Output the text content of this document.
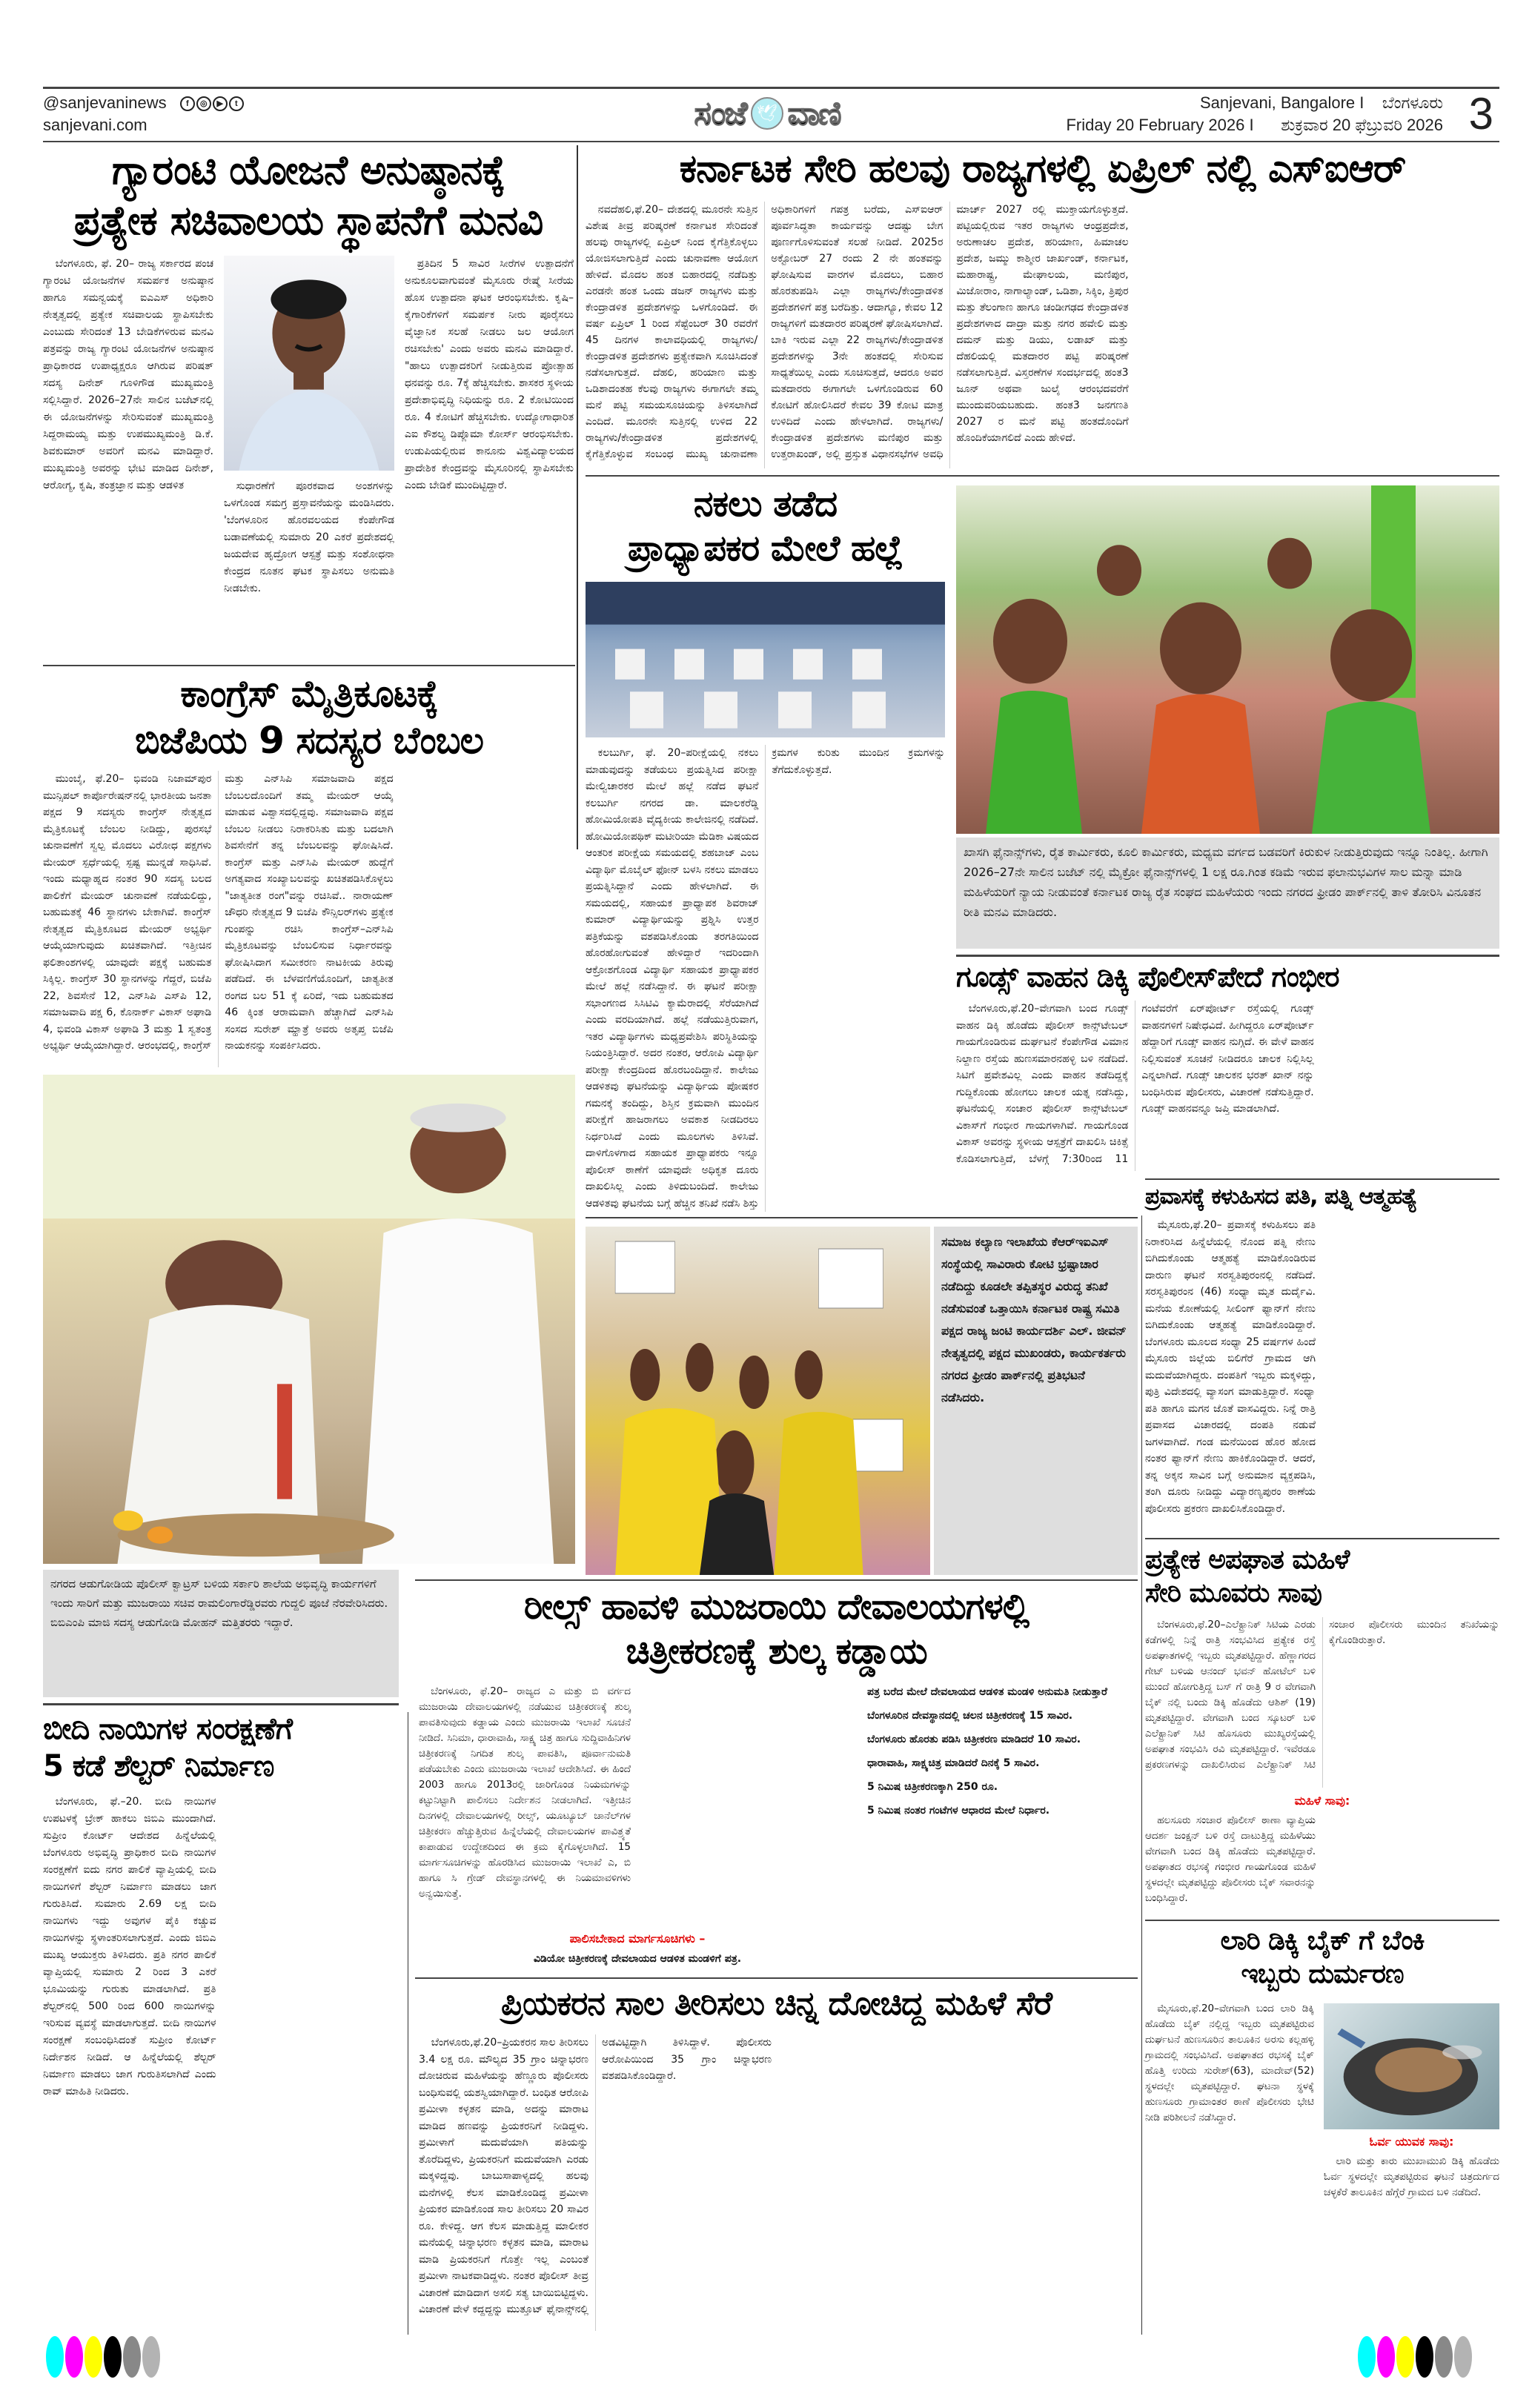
@sanjevaninews	f	◎	▶	t
sanjevani.com	ಸಂಜೆ 🕊 ವಾಣಿ	Sanjevani, Bangalore I ಬೆಂಗಳೂರು
Friday 20 February 2026 I ಶುಕ್ರವಾರ 20 ಫೆಬ್ರುವರಿ 2026 3
ಗ್ಯಾರಂಟಿ ಯೋಜನೆ ಅನುಷ್ಠಾನಕ್ಕೆ
ಪ್ರತ್ಯೇಕ ಸಚಿವಾಲಯ ಸ್ಥಾಪನೆಗೆ ಮನವಿ

ಬೆಂಗಳೂರು, ಫೆ. 20– ರಾಜ್ಯ ಸರ್ಕಾರದ ಪಂಚ ಗ್ಯಾರಂಟಿ ಯೋಜನೆಗಳ ಸಮರ್ಪಕ ಅನುಷ್ಠಾನ ಹಾಗೂ ಸಮನ್ವಯಕ್ಕೆ ಐಎಎಸ್ ಅಧಿಕಾರಿ ನೇತೃತ್ವದಲ್ಲಿ ಪ್ರತ್ಯೇಕ ಸಚಿವಾಲಯ ಸ್ಥಾಪಿಸಬೇಕು ಎಂಬುದು ಸೇರಿದಂತೆ 13 ಬೇಡಿಕೆಗಳಿರುವ ಮನವಿ ಪತ್ರವನ್ನು ರಾಜ್ಯ ಗ್ಯಾರಂಟಿ ಯೋಜನೆಗಳ ಅನುಷ್ಠಾನ ಪ್ರಾಧಿಕಾರದ ಉಪಾಧ್ಯಕ್ಷರೂ ಆಗಿರುವ ಪರಿಷತ್ ಸದಸ್ಯ ದಿನೇಶ್ ಗೂಳಿಗೌಡ ಮುಖ್ಯಮಂತ್ರಿ ಸಲ್ಲಿಸಿದ್ದಾರೆ. 2026–27ನೇ ಸಾಲಿನ ಬಜೆಟ್‌ನಲ್ಲಿ ಈ ಯೋಜನೆಗಳನ್ನು ಸೇರಿಸುವಂತೆ ಮುಖ್ಯಮಂತ್ರಿ ಸಿದ್ದರಾಮಯ್ಯ ಮತ್ತು ಉಪಮುಖ್ಯಮಂತ್ರಿ ಡಿ.ಕೆ. ಶಿವಕುಮಾರ್ ಅವರಿಗೆ ಮನವಿ ಮಾಡಿದ್ದಾರೆ. ಮುಖ್ಯಮಂತ್ರಿ ಅವರನ್ನು ಭೇಟಿ ಮಾಡಿದ ದಿನೇಶ್, ಆರೋಗ್ಯ, ಕೃಷಿ, ತಂತ್ರಜ್ಞಾನ ಮತ್ತು ಆಡಳಿತ	ಸುಧಾರಣೆಗೆ ಪೂರಕವಾದ ಅಂಶಗಳನ್ನು ಒಳಗೊಂಡ ಸಮಗ್ರ ಪ್ರಸ್ತಾವನೆಯನ್ನು ಮಂಡಿಸಿದರು. 'ಬೆಂಗಳೂರಿನ ಹೊರವಲಯದ ಕೆಂಪೇಗೌಡ ಬಡಾವಣೆಯಲ್ಲಿ ಸುಮಾರು 20 ಎಕರೆ ಪ್ರದೇಶದಲ್ಲಿ ಜಯದೇವ ಹೃದ್ರೋಗ ಆಸ್ಪತ್ರೆ ಮತ್ತು ಸಂಶೋಧನಾ ಕೇಂದ್ರದ ನೂತನ ಘಟಕ ಸ್ಥಾಪಿಸಲು ಅನುಮತಿ ನೀಡಬೇಕು.

ಪ್ರತಿದಿನ 5 ಸಾವಿರ ಸೀರೆಗಳ ಉತ್ಪಾದನೆಗೆ ಅನುಕೂಲವಾಗುವಂತೆ ಮೈಸೂರು ರೇಷ್ಮೆ ಸೀರೆಯ ಹೊಸ ಉತ್ಪಾದನಾ ಘಟಕ ಆರಂಭಿಸಬೇಕು. ಕೃಷಿ–ಕೈಗಾರಿಕೆಗಳಿಗೆ ಸಮರ್ಪಕ ನೀರು ಪೂರೈಸಲು ವೈಜ್ಞಾನಿಕ ಸಲಹೆ ನೀಡಲು ಜಲ ಆಯೋಗ ರಚಿಸಬೇಕು' ಎಂದು ಅವರು ಮನವಿ ಮಾಡಿದ್ದಾರೆ. "ಹಾಲು ಉತ್ಪಾದಕರಿಗೆ ನೀಡುತ್ತಿರುವ ಪ್ರೋತ್ಸಾಹ ಧನವನ್ನು ರೂ. 7ಕ್ಕೆ ಹೆಚ್ಚಿಸಬೇಕು. ಶಾಸಕರ ಸ್ಥಳೀಯ ಪ್ರದೇಶಾಭಿವೃದ್ಧಿ ನಿಧಿಯನ್ನು ರೂ. 2 ಕೋಟಿಯಿಂದ ರೂ. 4 ಕೋಟಿಗೆ ಹೆಚ್ಚಿಸಬೇಕು. ಉದ್ಯೋಗಾಧಾರಿತ ಎಐ ಕೌಶಲ್ಯ ಡಿಪ್ಲೊಮಾ ಕೋರ್ಸ್ ಆರಂಭಿಸಬೇಕು. ಉಡುಪಿಯಲ್ಲಿರುವ ಕಾನೂನು ವಿಶ್ವವಿದ್ಯಾಲಯದ ಪ್ರಾದೇಶಿಕ ಕೇಂದ್ರವನ್ನು ಮೈಸೂರಿನಲ್ಲಿ ಸ್ಥಾಪಿಸಬೇಕು ಎಂದು ಬೇಡಿಕೆ ಮುಂದಿಟ್ಟಿದ್ದಾರೆ.

ಕರ್ನಾಟಕ ಸೇರಿ ಹಲವು ರಾಜ್ಯಗಳಲ್ಲಿ ಏಪ್ರಿಲ್ ನಲ್ಲಿ ಎಸ್‌ಐಆರ್

ನವದೆಹಲಿ,ಫೆ.20– ದೇಶದಲ್ಲಿ ಮೂರನೇ ಸುತ್ತಿನ ವಿಶೇಷ ತೀವ್ರ ಪರಿಷ್ಕರಣೆ ಕರ್ನಾಟಕ ಸೇರಿದಂತೆ ಹಲವು ರಾಜ್ಯಗಳಲ್ಲಿ ಏಪ್ರಿಲ್ ನಿಂದ ಕೈಗೆತ್ತಿಕೊಳ್ಳಲು ಯೋಜಿಸಲಾಗುತ್ತಿದೆ ಎಂದು ಚುನಾವಣಾ ಆಯೋಗ ಹೇಳಿದೆ. ಮೊದಲ ಹಂತ ಬಿಹಾರದಲ್ಲಿ ನಡೆದಿತ್ತು ಎರಡನೇ ಹಂತ ಒಂದು ಡಜನ್ ರಾಜ್ಯಗಳು ಮತ್ತು ಕೇಂದ್ರಾಡಳಿತ ಪ್ರದೇಶಗಳನ್ನು ಒಳಗೊಂಡಿದೆ. ಈ ವರ್ಷ ಏಪ್ರಿಲ್ 1 ರಿಂದ ಸೆಪ್ಟೆಂಬರ್ 30 ರವರೆಗೆ 45 ದಿನಗಳ ಕಾಲಾವಧಿಯಲ್ಲಿ ರಾಜ್ಯಗಳು/ಕೇಂದ್ರಾಡಳಿತ ಪ್ರದೇಶಗಳು ಪ್ರತ್ಯೇಕವಾಗಿ ಸೂಚಿಸಿದಂತೆ ನಡೆಸಲಾಗುತ್ತದೆ. ದೆಹಲಿ, ಹರಿಯಾಣ ಮತ್ತು ಒಡಿಶಾದಂತಹ ಕೆಲವು ರಾಜ್ಯಗಳು ಈಗಾಗಲೇ ತಮ್ಮ ಮನೆ ಪಟ್ಟಿ ಸಮಯಸೂಚಿಯನ್ನು ತಿಳಿಸಲಾಗಿದೆ ಎಂದಿದೆ. ಮೂರನೇ ಸುತ್ತಿನಲ್ಲಿ ಉಳಿದ 22 ರಾಜ್ಯಗಳು/ಕೇಂದ್ರಾಡಳಿತ ಪ್ರದೇಶಗಳಲ್ಲಿ ಕೈಗೆತ್ತಿಕೊಳ್ಳುವ ಸಂಬಂಧ ಮುಖ್ಯ ಚುನಾವಣಾ ಅಧಿಕಾರಿಗಳಿಗೆ ಗಪತ್ರ ಬರೆದು, ಎಸ್‌ಐಆರ್ ಪೂರ್ವಸಿದ್ಧತಾ ಕಾರ್ಯವನ್ನು ಆದಷ್ಟು ಬೇಗ ಪೂರ್ಣಗೊಳಿಸುವಂತೆ ಸಲಹೆ ನೀಡಿದೆ. 2025ರ ಅಕ್ಟೋಬರ್ 27 ರಂದು 2 ನೇ ಹಂತವನ್ನು ಘೋಷಿಸುವ ವಾರಗಳ ಮೊದಲು, ಬಿಹಾರ ಹೊರತುಪಡಿಸಿ ಎಲ್ಲಾ ರಾಜ್ಯಗಳು/ಕೇಂದ್ರಾಡಳಿತ ಪ್ರದೇಶಗಳಿಗೆ ಪತ್ರ ಬರೆದಿತ್ತು. ಆದಾಗ್ಯೂ, ಕೇವಲ 12 ರಾಜ್ಯಗಳಿಗೆ ಮತದಾರರ ಪರಿಷ್ಕರಣೆ ಘೋಷಿಸಲಾಗಿದೆ. ಬಾಕಿ ಇರುವ ಎಲ್ಲಾ 22 ರಾಜ್ಯಗಳು/ಕೇಂದ್ರಾಡಳಿತ ಪ್ರದೇಶಗಳನ್ನು 3ನೇ ಹಂತದಲ್ಲಿ ಸೇರಿಸುವ ಸಾಧ್ಯತೆಯಿಲ್ಲ ಎಂದು ಸೂಚಿಸುತ್ತದೆ, ಆದರೂ ಅವರ ಮತದಾರರು ಈಗಾಗಲೇ ಒಳಗೊಂಡಿರುವ 60 ಕೋಟಿಗೆ ಹೋಲಿಸಿದರೆ ಕೇವಲ 39 ಕೋಟಿ ಮಾತ್ರ ಉಳಿದಿದೆ ಎಂದು ಹೇಳಲಾಗಿದೆ. ರಾಜ್ಯಗಳು/ಕೇಂದ್ರಾಡಳಿತ ಪ್ರದೇಶಗಳು ಮಣಿಪುರ ಮತ್ತು ಉತ್ತರಾಖಂಡ್, ಅಲ್ಲಿ ಪ್ರಸ್ತುತ ವಿಧಾನಸಭೆಗಳ ಅವಧಿ ಮಾರ್ಚ್ 2027 ರಲ್ಲಿ ಮುಕ್ತಾಯಗೊಳ್ಳುತ್ತದೆ. ಪಟ್ಟಿಯಲ್ಲಿರುವ ಇತರ ರಾಜ್ಯಗಳು ಆಂಧ್ರಪ್ರದೇಶ, ಅರುಣಾಚಲ ಪ್ರದೇಶ, ಹರಿಯಾಣ, ಹಿಮಾಚಲ ಪ್ರದೇಶ, ಜಮ್ಮು ಕಾಶ್ಮೀರ ಜಾರ್ಖಂಡ್, ಕರ್ನಾಟಕ, ಮಹಾರಾಷ್ಟ್ರ, ಮೇಘಾಲಯ, ಮಣಿಪುರ, ಮಿಜೋರಾಂ, ನಾಗಾಲ್ಯಾಂಡ್, ಒಡಿಶಾ, ಸಿಕ್ಕಿಂ, ತ್ರಿಪುರ ಮತ್ತು ತೆಲಂಗಾಣ ಹಾಗೂ ಚಂಡೀಗಢದ ಕೇಂದ್ರಾಡಳಿತ ಪ್ರದೇಶಗಳಾದ ದಾದ್ರಾ ಮತ್ತು ನಗರ ಹವೇಲಿ ಮತ್ತು ದಮನ್ ಮತ್ತು ಡಿಯು, ಲಡಾಖ್ ಮತ್ತು ದೆಹಲಿಯಲ್ಲಿ ಮತದಾರರ ಪಟ್ಟಿ ಪರಿಷ್ಕರಣೆ ನಡೆಸಲಾಗುತ್ತಿದೆ. ವಿಸ್ತರಣೆಗಳ ಸಂದರ್ಭದಲ್ಲಿ ಹಂತ3 ಜೂನ್ ಅಥವಾ ಜುಲೈ ಆರಂಭದವರೆಗೆ ಮುಂದುವರಿಯಬಹುದು. ಹಂತ3 ಜನಗಣತಿ 2027 ರ ಮನೆ ಪಟ್ಟಿ ಹಂತದೊಂದಿಗೆ ಹೊಂದಿಕೆಯಾಗಲಿದೆ ಎಂದು ಹೇಳಿದೆ.

ಕಾಂಗ್ರೆಸ್ ಮೈತ್ರಿಕೂಟಕ್ಕೆ
ಬಿಜೆಪಿಯ 9 ಸದಸ್ಯರ ಬೆಂಬಲ

ಮುಂಬೈ, ಫೆ.20– ಭಿವಂಡಿ ನಿಜಾಮ್‌ಪುರ ಮುನ್ಸಿಪಲ್ ಕಾರ್ಪೊರೇಷನ್‌ನಲ್ಲಿ ಭಾರತೀಯ ಜನತಾ ಪಕ್ಷದ 9 ಸದಸ್ಯರು ಕಾಂಗ್ರೆಸ್ ನೇತೃತ್ವದ ಮೈತ್ರಿಕೂಟಕ್ಕೆ ಬೆಂಬಲ ನೀಡಿದ್ದು, ಪುರಸಭೆ ಚುನಾವಣೆಗೆ ಸ್ವಲ್ಪ ಮೊದಲು ವಿರೋಧ ಪಕ್ಷಗಳು ಮೇಯರ್ ಸ್ಪರ್ಧೆಯಲ್ಲಿ ಸ್ಪಷ್ಟ ಮುನ್ನಡೆ ಸಾಧಿಸಿವೆ. ಇಂದು ಮಧ್ಯಾಹ್ನದ ನಂತರ 90 ಸದಸ್ಯ ಬಲದ ಪಾಲಿಕೆಗೆ ಮೇಯರ್ ಚುನಾವಣೆ ನಡೆಯಲಿದ್ದು, ಬಹುಮತಕ್ಕೆ 46 ಸ್ಥಾನಗಳು ಬೇಕಾಗಿವೆ. ಕಾಂಗ್ರೆಸ್ ನೇತೃತ್ವದ ಮೈತ್ರಿಕೂಟದ ಮೇಯರ್ ಅಭ್ಯರ್ಥಿ ಆಯ್ಕೆಯಾಗುವುದು ಖಚಿತವಾಗಿದೆ. ಇತ್ತೀಚಿನ ಫಲಿತಾಂಶಗಳಲ್ಲಿ ಯಾವುದೇ ಪಕ್ಷಕ್ಕೆ ಬಹುಮತ ಸಿಕ್ಕಿಲ್ಲ. ಕಾಂಗ್ರೆಸ್ 30 ಸ್ಥಾನಗಳನ್ನು ಗೆದ್ದರೆ, ಬಿಜೆಪಿ 22, ಶಿವಸೇನೆ 12, ಎನ್‌ಸಿಪಿ ಎಸ್‌ಪಿ 12, ಸಮಾಜವಾದಿ ಪಕ್ಷ 6, ಕೊನಾರ್ಕ್ ವಿಕಾಸ್ ಅಘಾಡಿ 4, ಭಿವಂಡಿ ವಿಕಾಸ್ ಅಘಾಡಿ 3 ಮತ್ತು 1 ಸ್ವತಂತ್ರ ಅಭ್ಯರ್ಥಿ ಆಯ್ಕೆಯಾಗಿದ್ದಾರೆ. ಆರಂಭದಲ್ಲಿ, ಕಾಂಗ್ರೆಸ್ ಮತ್ತು ಎನ್‌ಸಿಪಿ ಸಮಾಜವಾದಿ ಪಕ್ಷದ ಬೆಂಬಲದೊಂದಿಗೆ ತಮ್ಮ ಮೇಯರ್ ಆಯ್ಕೆ ಮಾಡುವ ವಿಶ್ವಾಸದಲ್ಲಿದ್ದವು. ಸಮಾಜವಾದಿ ಪಕ್ಷವ ಬೆಂಬಲ ನೀಡಲು ನಿರಾಕರಿಸಿತು ಮತ್ತು ಬದಲಾಗಿ ಶಿವಸೇನೆಗೆ ತನ್ನ ಬೆಂಬಲವನ್ನು ಘೋಷಿಸಿದೆ. ಕಾಂಗ್ರೆಸ್ ಮತ್ತು ಎನ್‌ಸಿಪಿ ಮೇಯರ್ ಹುದ್ದೆಗೆ ಅಗತ್ಯವಾದ ಸಂಖ್ಯಾಬಲವನ್ನು ಖಚಿತಪಡಿಸಿಕೊಳ್ಳಲು "ಜಾತ್ಯತೀತ ರಂಗ"ವನ್ನು ರಚಿಸಿವೆ.. ನಾರಾಯಣ್ ಚೌಧರಿ ನೇತೃತ್ವದ 9 ಬಿಜೆಪಿ ಕೌನ್ಸಿಲರ್‌ಗಳು ಪ್ರತ್ಯೇಕ ಗುಂಪನ್ನು ರಚಿಸಿ ಕಾಂಗ್ರೆಸ್–ಎನ್‌ಸಿಪಿ ಮೈತ್ರಿಕೂಟವನ್ನು ಬೆಂಬಲಿಸುವ ನಿರ್ಧಾರವನ್ನು ಘೋಷಿಸಿದಾಗ ಸಮೀಕರಣ ನಾಟಕೀಯ ತಿರುವು ಪಡೆದಿದೆ. ಈ ಬೆಳವಣಿಗೆಯೊಂದಿಗೆ, ಜಾತ್ಯತೀತ ರಂಗದ ಬಲ 51 ಕ್ಕೆ ಏರಿದೆ, ಇದು ಬಹುಮತದ 46 ಕ್ಕಿಂತ ಆರಾಮವಾಗಿ ಹೆಚ್ಚಾಗಿದೆ ಎನ್‌ಸಿಪಿ ಸಂಸದ ಸುರೇಶ್ ಮ್ಹಾತ್ರೆ ಅವರು ಅತೃಪ್ತ ಬಿಜೆಪಿ ನಾಯಕನನ್ನು ಸಂಪರ್ಕಿಸಿದರು.

ನಗರದ ಆಡುಗೋಡಿಯ ಪೊಲೀಸ್ ಕ್ವಾಟ್ರಸ್ ಬಳಿಯ ಸರ್ಕಾರಿ ಶಾಲೆಯ ಅಭಿವೃದ್ಧಿ ಕಾರ್ಯಗಳಿಗೆ ಇಂದು ಸಾರಿಗೆ ಮತ್ತು ಮುಜರಾಯಿ ಸಚಿವ ರಾಮಲಿಂಗಾರೆಡ್ಡಿರವರು ಗುದ್ದಲಿ ಪೂಜೆ ನೆರವೇರಿಸಿದರು. ಬಿಬಿಎಂಪಿ ಮಾಜಿ ಸದಸ್ಯ ಆಡುಗೋಡಿ ಮೋಹನ್ ಮತ್ತಿತರರು ಇದ್ದಾರೆ.
ನಕಲು ತಡೆದ
ಪ್ರಾಧ್ಯಾಪಕರ ಮೇಲೆ ಹಲ್ಲೆ

ಕಲಬುರ್ಗಿ, ಫೆ. 20–ಪರೀಕ್ಷೆಯಲ್ಲಿ ನಕಲು ಮಾಡುವುದನ್ನು ತಡೆಯಲು ಪ್ರಯತ್ನಿಸಿದ ಪರೀಕ್ಷಾ ಮೇಲ್ವಿಚಾರಕರ ಮೇಲೆ ಹಲ್ಲೆ ನಡೆದ ಘಟನೆ ಕಲಬುರ್ಗಿ ನಗರದ ಡಾ. ಮಾಲಕರೆಡ್ಡಿ ಹೋಮಿಯೋಪತಿ ವೈದ್ಯಕೀಯ ಕಾಲೇಜಿನಲ್ಲಿ ನಡೆದಿದೆ. ಹೋಮಿಯೋಪಥಿಕ್ ಮಟೀರಿಯಾ ಮೆಡಿಕಾ ವಿಷಯದ ಆಂತರಿಕ ಪರೀಕ್ಷೆಯ ಸಮಯದಲ್ಲಿ ಶಹಬಾಜ್ ಎಂಬ ವಿದ್ಯಾರ್ಥಿ ಮೊಬೈಲ್ ಫೋನ್ ಬಳಸಿ ನಕಲು ಮಾಡಲು ಪ್ರಯತ್ನಿಸಿದ್ದಾನೆ ಎಂದು ಹೇಳಲಾಗಿದೆ. ಈ ಸಮಯದಲ್ಲಿ, ಸಹಾಯಕ ಪ್ರಾಧ್ಯಾಪಕ ಶಿವರಾಜ್ ಕುಮಾರ್ ವಿದ್ಯಾರ್ಥಿಯನ್ನು ಪ್ರಶ್ನಿಸಿ ಉತ್ತರ ಪತ್ರಿಕೆಯನ್ನು ವಶಪಡಿಸಿಕೊಂಡು ತರಗತಿಯಿಂದ ಹೊರಹೋಗುವಂತೆ ಹೇಳಿದ್ದಾರೆ ಇದರಿಂದಾಗಿ ಆಕ್ರೋಶಗೊಂಡ ವಿದ್ಯಾರ್ಥಿ ಸಹಾಯಕ ಪ್ರಾಧ್ಯಾಪಕರ ಮೇಲೆ ಹಲ್ಲೆ ನಡೆಸಿದ್ದಾನೆ. ಈ ಘಟನೆ ಪರೀಕ್ಷಾ ಸಭಾಂಗಣದ ಸಿಸಿಟಿವಿ ಕ್ಯಾಮೆರಾದಲ್ಲಿ ಸೆರೆಯಾಗಿದೆ ಎಂದು ವರದಿಯಾಗಿದೆ. ಹಲ್ಲೆ ನಡೆಯುತ್ತಿರುವಾಗ, ಇತರ ವಿದ್ಯಾರ್ಥಿಗಳು ಮಧ್ಯಪ್ರವೇಶಿಸಿ ಪರಿಸ್ಥಿತಿಯನ್ನು ನಿಯಂತ್ರಿಸಿದ್ದಾರೆ. ಅದರ ನಂತರ, ಆರೋಪಿ ವಿದ್ಯಾರ್ಥಿ ಪರೀಕ್ಷಾ ಕೇಂದ್ರದಿಂದ ಹೊರಬಂದಿದ್ದಾನೆ. ಕಾಲೇಜು ಆಡಳಿತವು ಘಟನೆಯನ್ನು ವಿದ್ಯಾರ್ಥಿಯ ಪೋಷಕರ ಗಮನಕ್ಕೆ ತಂದಿದ್ದು, ಶಿಸ್ತಿನ ಕ್ರಮವಾಗಿ ಮುಂದಿನ ಪರೀಕ್ಷೆಗೆ ಹಾಜರಾಗಲು ಅವಕಾಶ ನೀಡದಿರಲು ನಿರ್ಧರಿಸಿದೆ ಎಂದು ಮೂಲಗಳು ತಿಳಿಸಿವೆ. ದಾಳಿಗೊಳಗಾದ ಸಹಾಯಕ ಪ್ರಾಧ್ಯಾಪಕರು ಇನ್ನೂ ಪೊಲೀಸ್ ಠಾಣೆಗೆ ಯಾವುದೇ ಅಧಿಕೃತ ದೂರು ದಾಖಲಿಸಿಲ್ಲ ಎಂದು ತಿಳಿದುಬಂದಿದೆ. ಕಾಲೇಜು ಆಡಳಿತವು ಘಟನೆಯ ಬಗ್ಗೆ ಹೆಚ್ಚಿನ ತನಿಖೆ ನಡೆಸಿ ಶಿಸ್ತು ಕ್ರಮಗಳ ಕುರಿತು ಮುಂದಿನ ಕ್ರಮಗಳನ್ನು ತೆಗೆದುಕೊಳ್ಳುತ್ತದೆ.

ಖಾಸಗಿ ಫೈನಾನ್ಸ್‌ಗಳು, ರೈತ ಕಾರ್ಮಿಕರು, ಕೂಲಿ ಕಾರ್ಮಿಕರು, ಮಧ್ಯಮ ವರ್ಗದ ಬಡವರಿಗೆ ಕಿರುಕುಳ ನೀಡುತ್ತಿರುವುದು ಇನ್ನೂ ನಿಂತಿಲ್ಲ. ಹೀಗಾಗಿ 2026–27ನೇ ಸಾಲಿನ ಬಜೆಟ್ ನಲ್ಲಿ ಮೈಕ್ರೋ ಫೈನಾನ್ಸ್‌ಗಳಲ್ಲಿ 1 ಲಕ್ಷ ರೂ.ಗಿಂತ ಕಡಿಮೆ ಇರುವ ಫಲಾನುಭವಿಗಳ ಸಾಲ ಮನ್ನಾ ಮಾಡಿ ಮಹಿಳೆಯರಿಗೆ ನ್ಯಾಯ ನೀಡುವಂತೆ ಕರ್ನಾಟಕ ರಾಜ್ಯ ರೈತ ಸಂಘದ ಮಹಿಳೆಯರು ಇಂದು ನಗರದ ಫ್ರೀಡಂ ಪಾರ್ಕ್‌ನಲ್ಲಿ ತಾಳಿ ತೋರಿಸಿ ವಿನೂತನ ರೀತಿ ಮನವಿ ಮಾಡಿದರು.
ಗೂಡ್ಸ್ ವಾಹನ ಡಿಕ್ಕಿ ಪೊಲೀಸ್‌ಪೇದೆ ಗಂಭೀರ

ಬೆಂಗಳೂರು,ಫೆ.20–ವೇಗವಾಗಿ ಬಂದ ಗೂಡ್ಸ್ ವಾಹನ ಡಿಕ್ಕಿ ಹೊಡೆದು ಪೊಲೀಸ್ ಕಾನ್ಸ್‌ಟೇಬಲ್ ಗಾಯಗೊಂಡಿರುವ ದುರ್ಘಟನೆ ಕೆಂಪೇಗೌಡ ವಿಮಾನ ನಿಲ್ದಾಣ ರಸ್ತೆಯ ಹುಣಸಮಾರನಹಳ್ಳಿ ಬಳಿ ನಡೆದಿದೆ. ಸಿಟಿಗೆ ಪ್ರವೇಶವಿಲ್ಲ ಎಂದು ವಾಹನ ತಡೆದಿದ್ದಕ್ಕೆ ಗುದ್ದಿಕೊಂಡು ಹೋಗಲು ಚಾಲಕ ಯತ್ನ ನಡೆಸಿದ್ದು, ಘಟನೆಯಲ್ಲಿ ಸಂಚಾರ ಪೊಲೀಸ್ ಕಾನ್ಸ್‌ಟೇಬಲ್ ವಿಕಾಸ್‌ಗೆ ಗಂಭೀರ ಗಾಯಗಳಾಗಿವೆ. ಗಾಯಗೊಂಡ ವಿಕಾಸ್ ಅವರನ್ನು ಸ್ಥಳೀಯ ಆಸ್ಪತ್ರೆಗೆ ದಾಖಲಿಸಿ ಚಿಕಿತ್ಸೆ ಕೊಡಿಸಲಾಗುತ್ತಿದೆ, ಬೆಳಗ್ಗೆ 7:30ರಿಂದ 11 ಗಂಟೆವರೆಗೆ ಏರ್‌ಪೋರ್ಟ್ ರಸ್ತೆಯಲ್ಲಿ ಗೂಡ್ಸ್ ವಾಹನಗಳಿಗೆ ನಿಷೇಧವಿದೆ. ಹೀಗಿದ್ದರೂ ಏರ್‌ಪೋರ್ಟ್ ಹೆದ್ದಾರಿಗೆ ಗೂಡ್ಸ್ ವಾಹನ ನುಗ್ಗಿದೆ. ಈ ವೇಳೆ ವಾಹನ ನಿಲ್ಲಿಸುವಂತೆ ಸೂಚನೆ ನೀಡಿದರೂ ಚಾಲಕ ನಿಲ್ಲಿಸಿಲ್ಲ ಎನ್ನಲಾಗಿದೆ. ಗೂಡ್ಸ್ ಚಾಲಕನ ಭರತ್ ಖಾನ್ ನನ್ನು ಬಂಧಿಸಿರುವ ಪೊಲೀಸರು, ವಿಚಾರಣೆ ನಡೆಸುತ್ತಿದ್ದಾರೆ. ಗೂಡ್ಸ್ ವಾಹನವನ್ನೂ ಜಪ್ತಿ ಮಾಡಲಾಗಿದೆ.

ಪ್ರವಾಸಕ್ಕೆ ಕಳುಹಿಸದ ಪತಿ, ಪತ್ನಿ ಆತ್ಮಹತ್ಯೆ

ಮೈಸೂರು,ಫೆ.20– ಪ್ರವಾಸಕ್ಕೆ ಕಳುಹಿಸಲು ಪತಿ ನಿರಾಕರಿಸಿದ ಹಿನ್ನೆಲೆಯಲ್ಲಿ ನೊಂದ ಪತ್ನಿ ನೇಣು ಬಿಗಿದುಕೊಂಡು ಆತ್ಮಹತ್ಯೆ ಮಾಡಿಕೊಂಡಿರುವ ದಾರುಣ ಘಟನೆ ಸರಸ್ವತಿಪುರಂನಲ್ಲಿ ನಡೆದಿದೆ. ಸರಸ್ವತಿಪುರಂನ (46) ಸಂಧ್ಯಾ ಮೃತ ದುರ್ದೈವಿ. ಮನೆಯ ಕೋಣೆಯಲ್ಲಿ ಸೀಲಿಂಗ್ ಫ್ಯಾನ್‌ಗೆ ನೇಣು ಬಿಗಿದುಕೊಂಡು ಆತ್ಮಹತ್ಯೆ ಮಾಡಿಕೊಂಡಿದ್ದಾರೆ. ಬೆಂಗಳೂರು ಮೂಲದ ಸಂಧ್ಯಾ 25 ವರ್ಷಗಳ ಹಿಂದೆ ಮೈಸೂರು ಜಿಲ್ಲೆಯ ಬಿಲಿಗೆರೆ ಗ್ರಾಮದ ಆಗಿ ಮದುವೆಯಾಗಿದ್ದರು. ದಂಪತಿಗೆ ಇಬ್ಬರು ಮಕ್ಕಳಿದ್ದು, ಪುತ್ರಿ ವಿದೇಶದಲ್ಲಿ ವ್ಯಾಸಂಗ ಮಾಡುತ್ತಿದ್ದಾರೆ. ಸಂಧ್ಯಾ ಪತಿ ಹಾಗೂ ಮಗನ ಜೊತೆ ವಾಸವಿದ್ದರು. ನಿನ್ನೆ ರಾತ್ರಿ ಪ್ರವಾಸದ ವಿಚಾರದಲ್ಲಿ ದಂಪತಿ ನಡುವೆ ಜಗಳವಾಗಿದೆ. ಗಂಡ ಮನೆಯಿಂದ ಹೊರ ಹೋದ ನಂತರ ಫ್ಯಾನ್‌ಗೆ ನೇಣು ಹಾಕಿಕೊಂಡಿದ್ದಾರೆ. ಆದರೆ, ತನ್ನ ಅಕ್ಕನ ಸಾವಿನ ಬಗ್ಗೆ ಅನುಮಾನ ವ್ಯಕ್ತಪಡಿಸಿ, ತಂಗಿ ದೂರು ನೀಡಿದ್ದು ವಿದ್ಯಾರಣ್ಯಪುರಂ ಠಾಣೆಯ ಪೊಲೀಸರು ಪ್ರಕರಣ ದಾಖಲಿಸಿಕೊಂಡಿದ್ದಾರೆ.

ಸಮಾಜ ಕಲ್ಯಾಣ ಇಲಾಖೆಯ ಕೆಆರ್‌ಇಐಎಸ್ ಸಂಸ್ಥೆಯಲ್ಲಿ ಸಾವಿರಾರು ಕೋಟಿ ಭ್ರಷ್ಟಾಚಾರ ನಡೆದಿದ್ದು ಕೂಡಲೇ ತಪ್ಪಿತಸ್ಥರ ವಿರುದ್ಧ ತನಿಖೆ ನಡೆಸುವಂತೆ ಒತ್ತಾಯಿಸಿ ಕರ್ನಾಟಕ ರಾಷ್ಟ್ರ ಸಮಿತಿ ಪಕ್ಷದ ರಾಜ್ಯ ಜಂಟಿ ಕಾರ್ಯದರ್ಶಿ ಎಲ್. ಜೀವನ್ ನೇತೃತ್ವದಲ್ಲಿ ಪಕ್ಷದ ಮುಖಂಡರು, ಕಾರ್ಯಕರ್ತರು ನಗರದ ಫ್ರೀಡಂ ಪಾರ್ಕ್‌ನಲ್ಲಿ ಪ್ರತಿಭಟನೆ ನಡೆಸಿದರು.
ರೀಲ್ಸ್ ಹಾವಳಿ ಮುಜರಾಯಿ ದೇವಾಲಯಗಳಲ್ಲಿ
ಚಿತ್ರೀಕರಣಕ್ಕೆ ಶುಲ್ಕ ಕಡ್ಡಾಯ

ಬೆಂಗಳೂರು, ಫೆ.20– ರಾಜ್ಯದ ಎ ಮತ್ತು ಬಿ ವರ್ಗದ ಮುಜರಾಯಿ ದೇವಾಲಯಗಳಲ್ಲಿ ನಡೆಯುವ ಚಿತ್ರೀಕರಣಕ್ಕೆ ಶುಲ್ಕ ಪಾವತಿಸುವುದು ಕಡ್ಡಾಯ ಎಂದು ಮುಜರಾಯಿ ಇಲಾಖೆ ಸೂಚನೆ ನೀಡಿದೆ. ಸಿನಿಮಾ, ಧಾರಾವಾಹಿ, ಸಾಕ್ಷ್ಯ ಚಿತ್ರ ಹಾಗೂ ಸುದ್ದಿವಾಹಿನಿಗಳ ಚಿತ್ರೀಕರಣಕ್ಕೆ ನಿಗದಿತ ಶುಲ್ಕ ಪಾವತಿಸಿ, ಪೂರ್ವಾನುಮತಿ ಪಡೆಯಬೇಕು ಎಂದು ಮುಜರಾಯಿ ಇಲಾಖೆ ಆದೇಶಿಸಿದೆ. ಈ ಹಿಂದೆ 2003 ಹಾಗೂ 2013ರಲ್ಲಿ ಜಾರಿಗೊಂಡ ನಿಯಮಗಳನ್ನು ಕಟ್ಟುನಿಟ್ಟಾಗಿ ಪಾಲಿಸಲು ನಿರ್ದೇಶನ ನೀಡಲಾಗಿದೆ. ಇತ್ತೀಚಿನ ದಿನಗಳಲ್ಲಿ ದೇವಾಲಯಗಳಲ್ಲಿ ರೀಲ್ಸ್, ಯೂಟ್ಯೂಬ್ ಚಾನೆಲ್‌ಗಳ ಚಿತ್ರೀಕರಣ ಹೆಚ್ಚುತ್ತಿರುವ ಹಿನ್ನೆಲೆಯಲ್ಲಿ ದೇವಾಲಯಗಳ ಪಾವಿತ್ರ್ಯತೆ ಕಾಪಾಡುವ ಉದ್ದೇಶದಿಂದ ಈ ಕ್ರಮ ಕೈಗೊಳ್ಳಲಾಗಿದೆ. 15 ಮಾರ್ಗಸೂಚಿಗಳನ್ನು ಹೊರಡಿಸಿದ ಮುಜರಾಯಿ ಇಲಾಖೆ ಎ, ಬಿ ಹಾಗೂ ಸಿ ಗ್ರೇಡ್ ದೇವಸ್ಥಾನಗಳಲ್ಲಿ ಈ ನಿಯಮಾವಳಿಗಳು ಅನ್ವಯಿಸುತ್ತೆ.

ಪಾಲಿಸಬೇಕಾದ ಮಾರ್ಗಸೂಚಿಗಳು –
ವಿಡಿಯೋ ಚಿತ್ರೀಕರಣಕ್ಕೆ ದೇವಲಾಯದ ಆಡಳಿತ ಮಂಡಳಿಗೆ ಪತ್ರ.
ಪತ್ರ ಬರೆದ ಮೇಲೆ ದೇವಲಾಯದ ಆಡಳಿತ ಮಂಡಳಿ ಅನುಮತಿ ನೀಡುತ್ತಾರೆ
ಬೆಂಗಳೂರಿನ ದೇವಸ್ಥಾನದಲ್ಲಿ ಚಲನ ಚಿತ್ರೀಕರಣಕ್ಕೆ 15 ಸಾವಿರ.
ಬೆಂಗಳೂರು ಹೊರತು ಪಡಿಸಿ ಚಿತ್ರೀಕರಣ ಮಾಡಿದರೆ 10 ಸಾವಿರ.
ಧಾರಾವಾಹಿ, ಸಾಕ್ಷ್ಯಚಿತ್ರ ಮಾಡಿದರೆ ದಿನಕ್ಕೆ 5 ಸಾವಿರ.
5 ನಿಮಿಷ ಚಿತ್ರೀಕರಣಕ್ಕಾಗಿ 250 ರೂ.
5 ನಿಮಿಷ ನಂತರ ಗಂಟೆಗಳ ಆಧಾರದ ಮೇಲೆ ನಿರ್ಧಾರ.
ಬೀದಿ ನಾಯಿಗಳ ಸಂರಕ್ಷಣೆಗೆ
5 ಕಡೆ ಶೆಲ್ಟರ್ ನಿರ್ಮಾಣ

ಬೆಂಗಳೂರು, ಫೆ.–20. ಬೀದಿ ನಾಯಿಗಳ ಉಪಟಳಕ್ಕೆ ಬ್ರೇಕ್ ಹಾಕಲು ಜಿಬಿಎ ಮುಂದಾಗಿದೆ. ಸುಪ್ರೀಂ ಕೋರ್ಟ್ ಆದೇಶದ ಹಿನ್ನೆಲೆಯಲ್ಲಿ ಬೆಂಗಳೂರು ಅಭಿವೃದ್ಧಿ ಪ್ರಾಧಿಕಾರ ಬೀದಿ ನಾಯಿಗಳ ಸಂರಕ್ಷಣೆಗೆ ಐದು ನಗರ ಪಾಲಿಕೆ ವ್ಯಾಪ್ತಿಯಲ್ಲಿ ಬೀದಿ ನಾಯಿಗಳಿಗೆ ಶೆಲ್ಟರ್ ನಿರ್ಮಾಣ ಮಾಡಲು ಜಾಗ ಗುರುತಿಸಿದೆ. ಸುಮಾರು 2.69 ಲಕ್ಷ ಬೀದಿ ನಾಯಿಗಳು ಇದ್ದು ಅವುಗಳ ಪೈಕಿ ಕಚ್ಚುವ ನಾಯಿಗಳನ್ನು ಸ್ಥಳಾಂತರಿಸಲಾಗುತ್ತದೆ. ಎಂದು ಜಿಬಿಎ ಮುಖ್ಯ ಆಯುಕ್ತರು ತಿಳಿಸಿದರು. ಪ್ರತಿ ನಗರ ಪಾಲಿಕೆ ವ್ಯಾಪ್ತಿಯಲ್ಲಿ ಸುಮಾರು 2 ರಿಂದ 3 ಎಕರೆ ಭೂಮಿಯನ್ನು ಗುರುತು ಮಾಡಲಾಗಿದೆ. ಪ್ರತಿ ಶೆಲ್ಟರ್‌ನಲ್ಲಿ 500 ರಿಂದ 600 ನಾಯಿಗಳನ್ನು ಇರಿಸುವ ವ್ಯವಸ್ಥೆ ಮಾಡಲಾಗುತ್ತದೆ. ಬೀದಿ ನಾಯಿಗಳ ಸಂರಕ್ಷಣೆ ಸಂಬಂಧಿಸಿದಂತೆ ಸುಪ್ರೀಂ ಕೋರ್ಟ್ ನಿರ್ದೇಶನ ನೀಡಿದೆ. ಆ ಹಿನ್ನೆಲೆಯಲ್ಲಿ ಶೆಲ್ಟರ್ ನಿರ್ಮಾಣ ಮಾಡಲು ಜಾಗ ಗುರುತಿಸಲಾಗಿದೆ ಎಂದು ರಾವ್ ಮಾಹಿತಿ ನೀಡಿದರು.

ಪ್ರಿಯಕರನ ಸಾಲ ತೀರಿಸಲು ಚಿನ್ನ ದೋಚಿದ್ದ ಮಹಿಳೆ ಸೆರೆ

ಬೆಂಗಳೂರು,ಫೆ.20–ಪ್ರಿಯಕರನ ಸಾಲ ತೀರಿಸಲು 3.4 ಲಕ್ಷ ರೂ. ಮೌಲ್ಯದ 35 ಗ್ರಾಂ ಚಿನ್ನಾಭರಣ ದೋಚಿರುವ ಮಹಿಳೆಯನ್ನು ಹೆಣ್ಣೂರು ಪೊಲೀಸರು ಬಂಧಿಸುವಲ್ಲಿ ಯಶಸ್ವಿಯಾಗಿದ್ದಾರೆ. ಬಂಧಿತ ಆರೋಪಿ ಪ್ರಮೀಳಾ ಕಳ್ಳತನ ಮಾಡಿ, ಅದನ್ನು ಮಾರಾಟ ಮಾಡಿದ ಹಣವನ್ನು ಪ್ರಿಯಕರನಿಗೆ ನೀಡಿದ್ದಳು. ಪ್ರಮೀಳಾಗೆ ಮದುವೆಯಾಗಿ ಪತಿಯನ್ನು ತೊರೆದಿದ್ದಳು, ಪ್ರಿಯಕರನಿಗೆ ಮದುವೆಯಾಗಿ ಎರಡು ಮಕ್ಕಳಿದ್ದವು. ಬಾಬುಸಾಪಾಳ್ಯದಲ್ಲಿ ಹಲವು ಮನೆಗಳಲ್ಲಿ ಕೆಲಸ ಮಾಡಿಕೊಂಡಿದ್ದ ಪ್ರಮೀಳಾ ಪ್ರಿಯಕರ ಮಾಡಿಕೊಂಡ ಸಾಲ ತೀರಿಸಲು 20 ಸಾವಿರ ರೂ. ಕೇಳಿದ್ದ. ಆಗ ಕೆಲಸ ಮಾಡುತ್ತಿದ್ದ ಮಾಲೀಕರ ಮನೆಯಲ್ಲಿ ಚಿನ್ನಾಭರಣ ಕಳ್ಳತನ ಮಾಡಿ, ಮಾರಾಟ ಮಾಡಿ ಪ್ರಿಯಕರನಿಗೆ ಗೊತ್ತೇ ಇಲ್ಲ ಎಂಬಂತೆ ಪ್ರಮೀಳಾ ನಾಟಕವಾಡಿದ್ದಳು. ನಂತರ ಪೊಲೀಸ್ ತೀವ್ರ ವಿಚಾರಣೆ ಮಾಡಿದಾಗ ಅಸಲಿ ಸತ್ಯ ಬಾಯಿಬಿಟ್ಟಿದ್ದಳು. ವಿಚಾರಣೆ ವೇಳೆ ಕದ್ದದ್ದನ್ನು ಮುತ್ತೂಟ್ ಫೈನಾನ್ಸ್‌ನಲ್ಲಿ ಅಡವಿಟ್ಟಿದ್ದಾಗಿ ತಿಳಿಸಿದ್ದಾಳೆ. ಪೊಲೀಸರು ಆರೋಪಿಯಿಂದ 35 ಗ್ರಾಂ ಚಿನ್ನಾಭರಣ ವಶಪಡಿಸಿಕೊಂಡಿದ್ದಾರೆ.

ಪ್ರತ್ಯೇಕ ಅಪಘಾತ ಮಹಿಳೆ
ಸೇರಿ ಮೂವರು ಸಾವು

ಬೆಂಗಳೂರು,ಫೆ.20–ಎಲೆಕ್ಟ್ರಾನಿಕ್ ಸಿಟಿಯ ಎರಡು ಕಡೆಗಳಲ್ಲಿ ನಿನ್ನೆ ರಾತ್ರಿ ಸಂಭವಿಸಿದ ಪ್ರತ್ಯೇಕ ರಸ್ತೆ ಅಪಘಾತಗಳಲ್ಲಿ ಇಬ್ಬರು ಮೃತಪಟ್ಟಿದ್ದಾರೆ. ಹೆಣ್ಣಾಗರದ ಗೇಟ್ ಬಳಿಯ ಆನಂದ್ ಭವನ್ ಹೋಟೆಲ್ ಬಳಿ ಮುಂದೆ ಹೋಗುತ್ತಿದ್ದ ಬಸ್ ಗೆ ರಾತ್ರಿ 9 ರ ವೇಗವಾಗಿ ಬೈಕ್ ನಲ್ಲಿ ಬಂದು ಡಿಕ್ಕಿ ಹೊಡೆದು ಆಶಿಶ್ (19) ಮೃತಪಟ್ಟಿದ್ದಾರೆ. ವೇಗವಾಗಿ ಬಂದ ಸ್ಕೂಟರ್ ಬಳಿ ಎಲೆಕ್ಟ್ರಾನಿಕ್ ಸಿಟಿ ಹೊಸೂರು ಮುಖ್ಯರಸ್ತೆಯಲ್ಲಿ ಅಪಘಾತ ಸಂಭವಿಸಿ ರವಿ ಮೃತಪಟ್ಟಿದ್ದಾರೆ. ಇವೆರಡೂ ಪ್ರಕರಣಗಳನ್ನು ದಾಖಲಿಸಿರುವ ಎಲೆಕ್ಟ್ರಾನಿಕ್ ಸಿಟಿ ಸಂಚಾರ ಪೊಲೀಸರು ಮುಂದಿನ ತನಿಖೆಯನ್ನು ಕೈಗೊಂಡಿರುತ್ತಾರೆ.

ಮಹಿಳೆ ಸಾವು:

ಹಲಸೂರು ಸಂಚಾರ ಪೊಲೀಸ್ ಠಾಣಾ ವ್ಯಾಪ್ತಿಯ ಆದರ್ಶ ಜಂಕ್ಷನ್ ಬಳಿ ರಸ್ತೆ ದಾಟುತ್ತಿದ್ದ ಮಹಿಳೆಯು ವೇಗವಾಗಿ ಬಂದ ಡಿಕ್ಕಿ ಹೊಡೆದು ಮೃತಪಟ್ಟಿದ್ದಾರೆ. ಅಪಘಾತದ ರಭಸಕ್ಕೆ ಗಂಭೀರ ಗಾಯಗೊಂಡ ಮಹಿಳೆ ಸ್ಥಳದಲ್ಲೇ ಮೃತಪಟ್ಟಿದ್ದು ಪೊಲೀಸರು ಬೈಕ್ ಸವಾರನನ್ನು ಬಂಧಿಸಿದ್ದಾರೆ.

ಲಾರಿ ಡಿಕ್ಕಿ ಬೈಕ್ ಗೆ ಬೆಂಕಿ
ಇಬ್ಬರು ದುರ್ಮರಣ

ಮೈಸೂರು,ಫೆ.20–ವೇಗವಾಗಿ ಬಂದ ಲಾರಿ ಡಿಕ್ಕಿ ಹೊಡೆದು ಬೈಕ್ ನಲ್ಲಿದ್ದ ಇಬ್ಬರು ಮೃತಪಟ್ಟಿರುವ ದುರ್ಘಟನೆ ಹುಣಸೂರಿನ ತಾಲೂಕಿನ ಅರಸು ಕಲ್ಲಹಳ್ಳಿ ಗ್ರಾಮದಲ್ಲಿ ಸಂಭವಿಸಿದೆ. ಅಪಘಾತದ ರಭಸಕ್ಕೆ ಬೈಕ್ ಹೊತ್ತಿ ಉರಿದು ಸುರೇಶ್(63), ಮಾದೇವ್(52) ಸ್ಥಳದಲ್ಲೇ ಮೃತಪಟ್ಟಿದ್ದಾರೆ. ಘಟನಾ ಸ್ಥಳಕ್ಕೆ ಹುಣಸೂರು ಗ್ರಾಮಾಂತರ ಠಾಣೆ ಪೊಲೀಸರು ಭೇಟಿ ನೀಡಿ ಪರಿಶೀಲನೆ ನಡೆಸಿದ್ದಾರೆ.

ಓರ್ವ ಯುವಕ ಸಾವು:

ಲಾರಿ ಮತ್ತು ಕಾರು ಮುಖಾಮುಖಿ ಡಿಕ್ಕಿ ಹೊಡೆದು ಓರ್ವ ಸ್ಥಳದಲ್ಲೇ ಮೃತಪಟ್ಟಿರುವ ಘಟನೆ ಚಿತ್ರದುರ್ಗದ ಚಳ್ಳಕೆರೆ ತಾಲೂಕಿನ ಹೆಗ್ಗೆರೆ ಗ್ರಾಮದ ಬಳಿ ನಡೆದಿದೆ.
